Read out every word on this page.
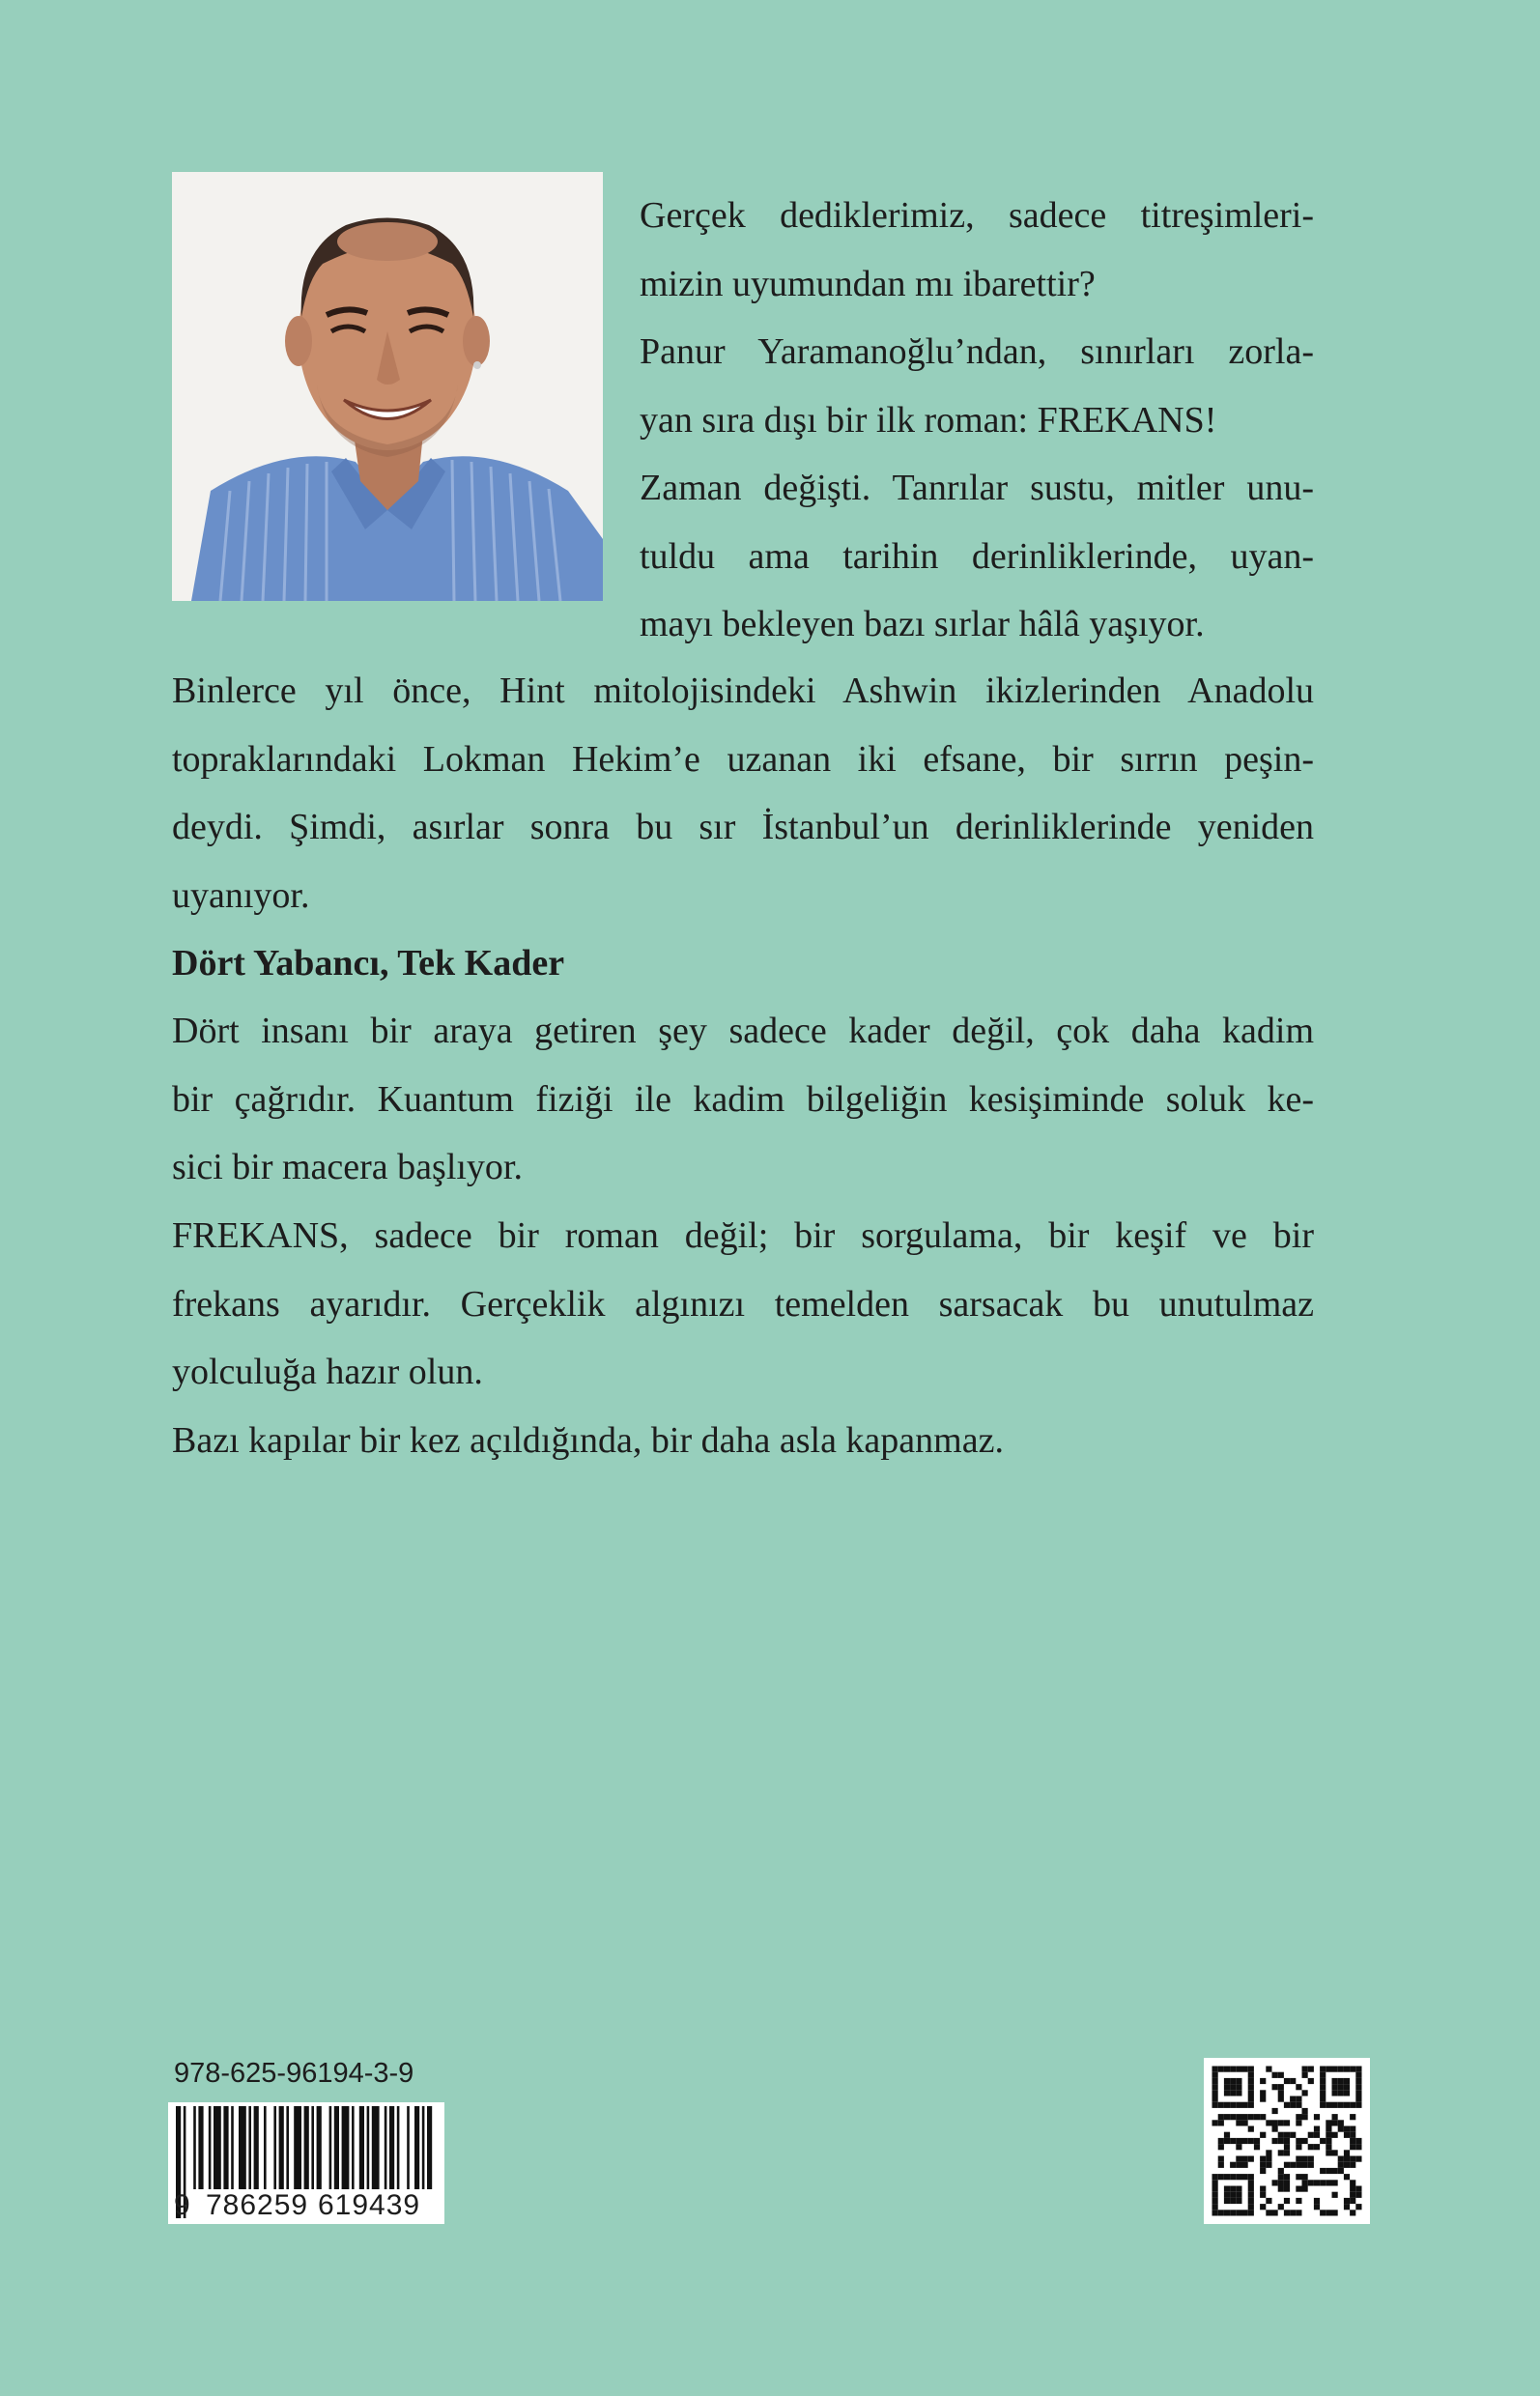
Gerçek dediklerimiz, sadece titreşimleri-
mizin uyumundan mı ibarettir?
Panur Yaramanoğlu’ndan, sınırları zorla-
yan sıra dışı bir ilk roman: FREKANS!
Zaman değişti. Tanrılar sustu, mitler unu-
tuldu ama tarihin derinliklerinde, uyan-
mayı bekleyen bazı sırlar hâlâ yaşıyor.

Binlerce yıl önce, Hint mitolojisindeki Ashwin ikizlerinden Anadolu
topraklarındaki Lokman Hekim’e uzanan iki efsane, bir sırrın peşin-
deydi. Şimdi, asırlar sonra bu sır İstanbul’un derinliklerinde yeniden
uyanıyor.

Dört Yabancı, Tek Kader

Dört insanı bir araya getiren şey sadece kader değil, çok daha kadim
bir çağrıdır. Kuantum fiziği ile kadim bilgeliğin kesişiminde soluk ke-
sici bir macera başlıyor.

FREKANS, sadece bir roman değil; bir sorgulama, bir keşif ve bir
frekans ayarıdır. Gerçeklik algınızı temelden sarsacak bu unutulmaz
yolculuğa hazır olun.

Bazı kapılar bir kez açıldığında, bir daha asla kapanmaz.

978-625-96194-3-9
9 786259 619439
